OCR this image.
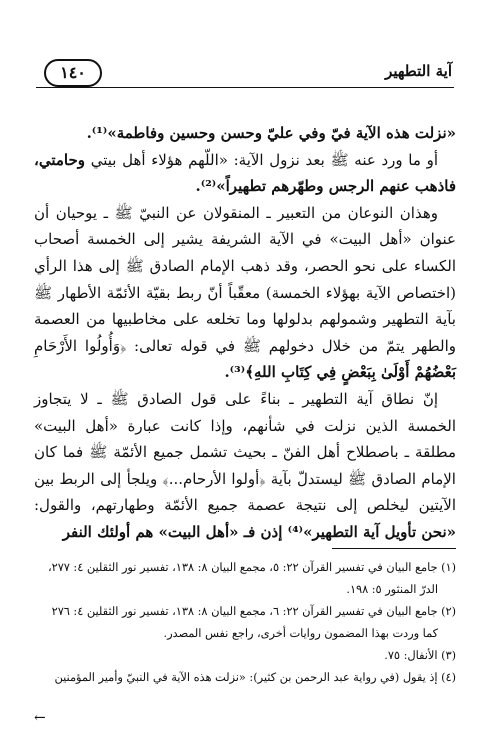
آية التطهير
١٤٠

«نزلت هذه الآية فيّ وفي عليّ وحسن وحسين وفاطمة»⁽¹⁾.

أو ما ورد عنه ﷺ بعد نزول الآية: «اللّهم هؤلاء أهل بيتي وحامتي، فاذهب عنهم الرجس وطهّرهم تطهيراً»⁽²⁾.

وهذان النوعان من التعبير ـ المنقولان عن النبيّ ﷺ ـ يوحيان أن عنوان «أهل البيت» في الآية الشريفة يشير إلى الخمسة أصحاب الكساء على نحو الحصر، وقد ذهب الإمام الصادق ﷺ إلى هذا الرأي (اختصاص الآية بهؤلاء الخمسة) معقّباً أنّ ربط بقيّة الأئمّة الأطهار ﷺ بآية التطهير وشمولهم بدلولها وما تخلعه على مخاطبيها من العصمة والطهر يتمّ من خلال دخولهم ﷺ في قوله تعالى: ﴿وَأُولُوا الأَرْحَامِ بَعْضُهُمْ أَوْلَىٰ بِبَعْضٍ فِي كِتَابِ اللهِ﴾⁽³⁾.

إنّ نطاق آية التطهير ـ بناءً على قول الصادق ﷺ ـ لا يتجاوز الخمسة الذين نزلت في شأنهم، وإذا كانت عبارة «أهل البيت» مطلقة ـ باصطلاح أهل الفنّ ـ بحيث تشمل جميع الأئمّة ﷺ فما كان الإمام الصادق ﷺ ليستدلّ بآية ﴿أولوا الأرحام...﴾ ويلجأ إلى الربط بين الآيتين ليخلص إلى نتيجة عصمة جميع الأئمّة وطهارتهم، والقول: «نحن تأويل آية التطهير»⁽⁴⁾ إذن فـ «أهل البيت» هم أولئك النفر

(١) جامع البيان في تفسير القرآن ٢٢: ٥، مجمع البيان ٨: ١٣٨، تفسير نور الثقلين ٤: ٢٧٧،

الدرّ المنثور ٥: ١٩٨.

(٢) جامع البيان في تفسير القرآن ٢٢: ٦، مجمع البيان ٨: ١٣٨، تفسير نور الثقلين ٤: ٢٧٦

كما وردت بهذا المضمون روايات أخرى، راجع نفس المصدر.

(٣) الأنفال: ٧٥.

(٤) إذ يقول (في رواية عبد الرحمن بن كثير): «نزلت هذه الآية في النبيّ وأمير المؤمنين

←
